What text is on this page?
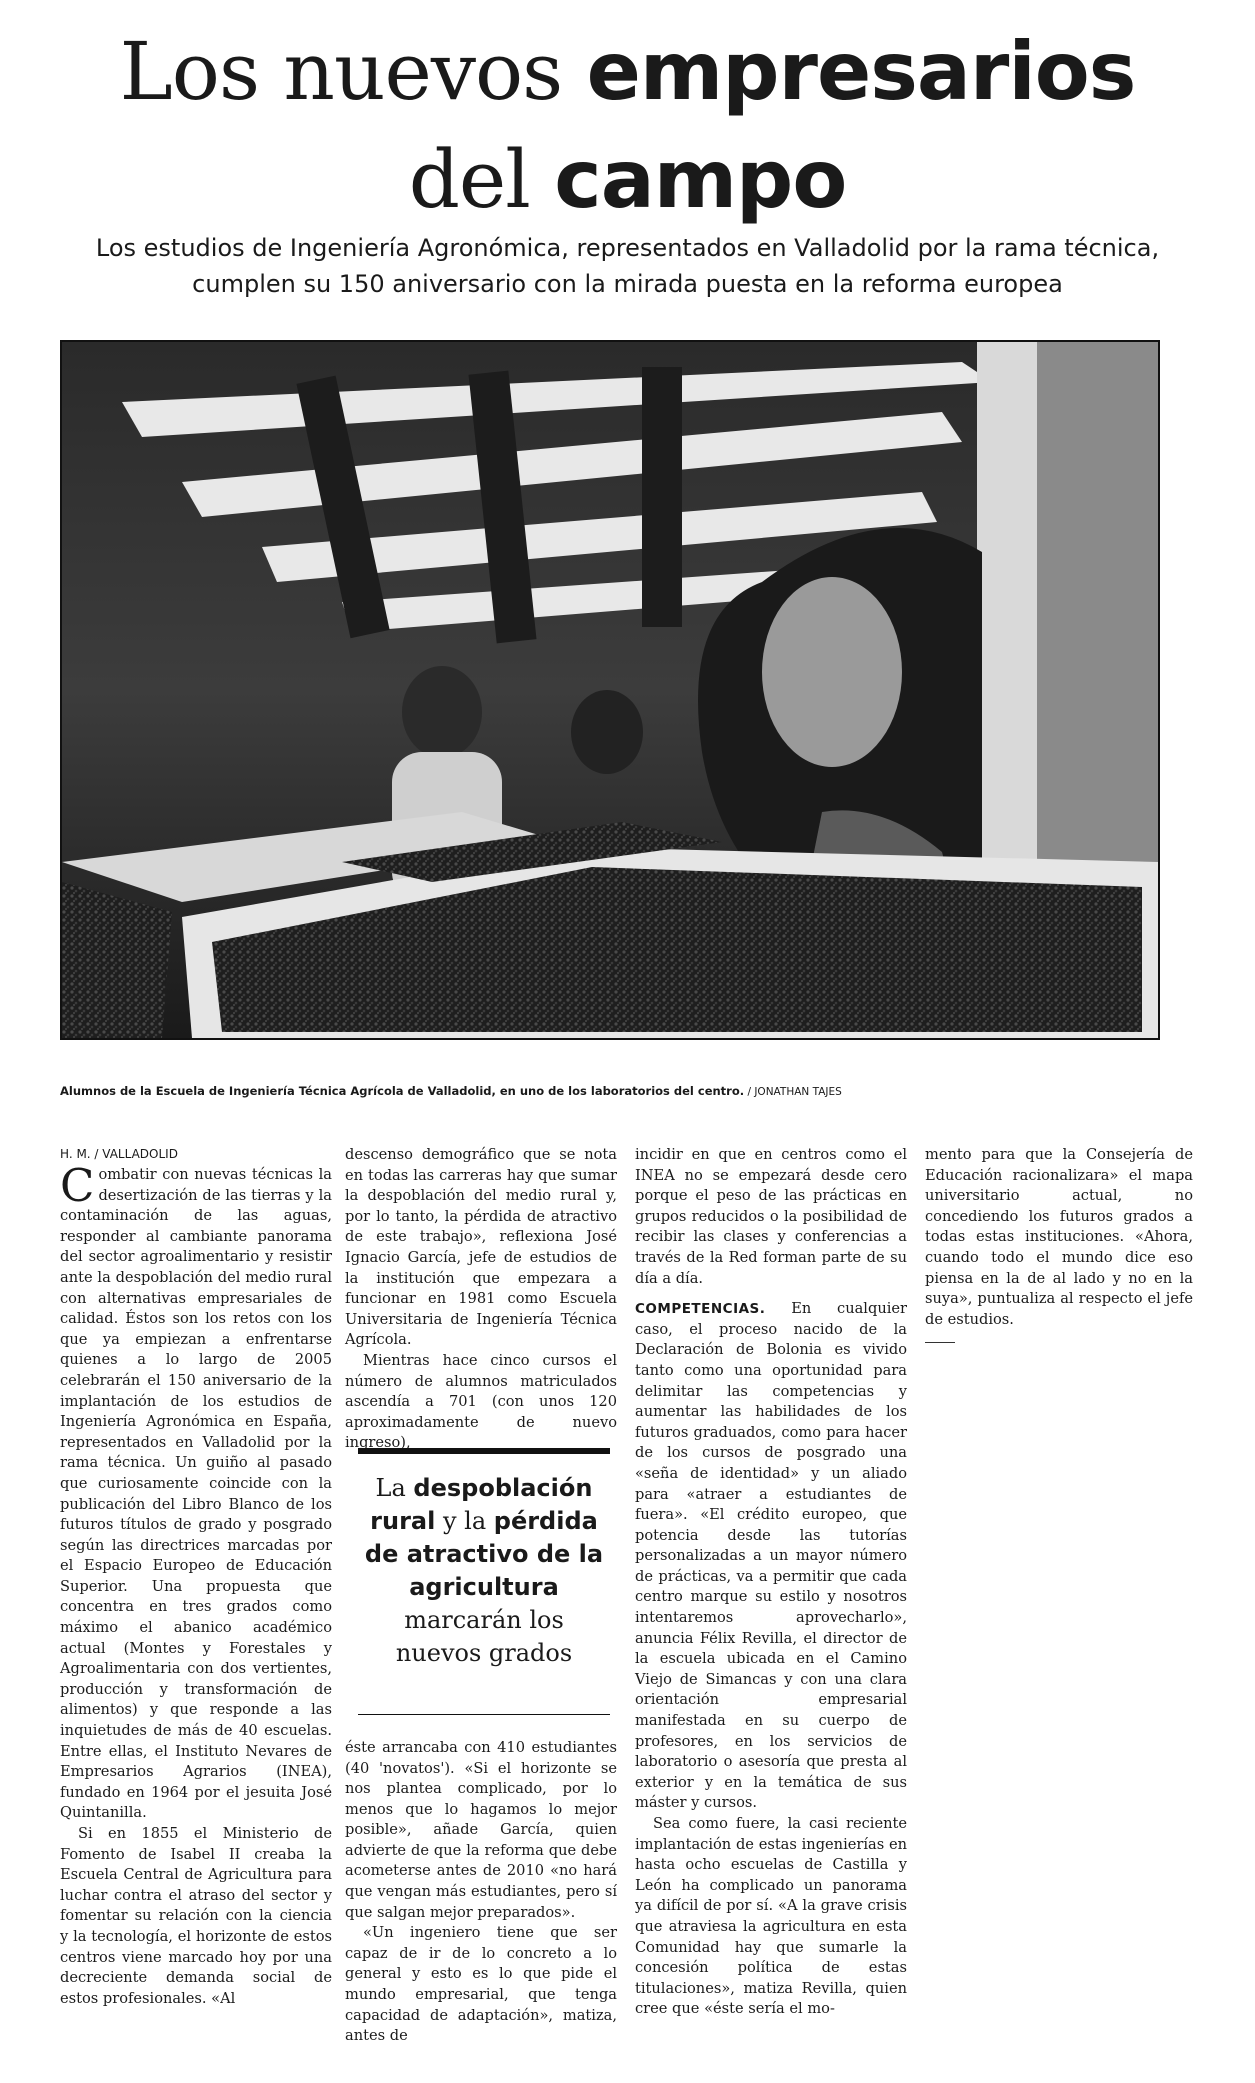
Los nuevos empresarios
del campo
Los estudios de Ingeniería Agronómica, representados en Valladolid por la rama técnica, cumplen su 150 aniversario con la mirada puesta en la reforma europea
Alumnos de la Escuela de Ingeniería Técnica Agrícola de Valladolid, en uno de los laboratorios del centro. / JONATHAN TAJES
H. M. / VALLADOLID

Combatir con nuevas técnicas la desertización de las tierras y la contaminación de las aguas, responder al cambiante panorama del sector agroalimentario y resistir ante la despoblación del medio rural con alternativas empresariales de calidad. Éstos son los retos con los que ya empiezan a enfrentarse quienes a lo largo de 2005 celebrarán el 150 aniversario de la implantación de los estudios de Ingeniería Agronómica en España, representados en Valladolid por la rama técnica. Un guiño al pasado que curiosamente coincide con la publicación del Libro Blanco de los futuros títulos de grado y posgrado según las directrices marcadas por el Espacio Europeo de Educación Superior. Una propuesta que concentra en tres grados como máximo el abanico académico actual (Montes y Forestales y Agroalimentaria con dos vertientes, producción y transformación de alimentos) y que responde a las inquietudes de más de 40 escuelas. Entre ellas, el Instituto Nevares de Empresarios Agrarios (INEA), fundado en 1964 por el jesuita José Quintanilla.

Si en 1855 el Ministerio de Fomento de Isabel II creaba la Escuela Central de Agricultura para luchar contra el atraso del sector y fomentar su relación con la ciencia y la tecnología, el horizonte de estos centros viene marcado hoy por una decreciente demanda social de estos profesionales. «Al

descenso demográfico que se nota en todas las carreras hay que sumar la despoblación del medio rural y, por lo tanto, la pérdida de atractivo de este trabajo», reflexiona José Ignacio García, jefe de estudios de la institución que empezara a funcionar en 1981 como Escuela Universitaria de Ingeniería Técnica Agrícola.

Mientras hace cinco cursos el número de alumnos matriculados ascendía a 701 (con unos 120 aproximadamente de nuevo ingreso),

éste arrancaba con 410 estudiantes (40 'novatos'). «Si el horizonte se nos plantea complicado, por lo menos que lo hagamos lo mejor posible», añade García, quien advierte de que la reforma que debe acometerse antes de 2010 «no hará que vengan más estudiantes, pero sí que salgan mejor preparados».

«Un ingeniero tiene que ser capaz de ir de lo concreto a lo general y esto es lo que pide el mundo empresarial, que tenga capacidad de adaptación», matiza, antes de

La despoblación rural y la pérdida de atractivo de la agricultura marcarán los nuevos grados

incidir en que en centros como el INEA no se empezará desde cero porque el peso de las prácticas en grupos reducidos o la posibilidad de recibir las clases y conferencias a través de la Red forman parte de su día a día.

COMPETENCIAS. En cualquier caso, el proceso nacido de la Declaración de Bolonia es vivido tanto como una oportunidad para delimitar las competencias y aumentar las habilidades de los futuros graduados, como para hacer de los cursos de posgrado una «seña de identidad» y un aliado para «atraer a estudiantes de fuera». «El crédito europeo, que potencia desde las tutorías personalizadas a un mayor número de prácticas, va a permitir que cada centro marque su estilo y nosotros intentaremos aprovecharlo», anuncia Félix Revilla, el director de la escuela ubicada en el Camino Viejo de Simancas y con una clara orientación empresarial manifestada en su cuerpo de profesores, en los servicios de laboratorio o asesoría que presta al exterior y en la temática de sus máster y cursos.

Sea como fuere, la casi reciente implantación de estas ingenierías en hasta ocho escuelas de Castilla y León ha complicado un panorama ya difícil de por sí. «A la grave crisis que atraviesa la agricultura en esta Comunidad hay que sumarle la concesión política de estas titulaciones», matiza Revilla, quien cree que «éste sería el mo-

mento para que la Consejería de Educación racionalizara» el mapa universitario actual, no concediendo los futuros grados a todas estas instituciones. «Ahora, cuando todo el mundo dice eso piensa en la de al lado y no en la suya», puntualiza al respecto el jefe de estudios.
